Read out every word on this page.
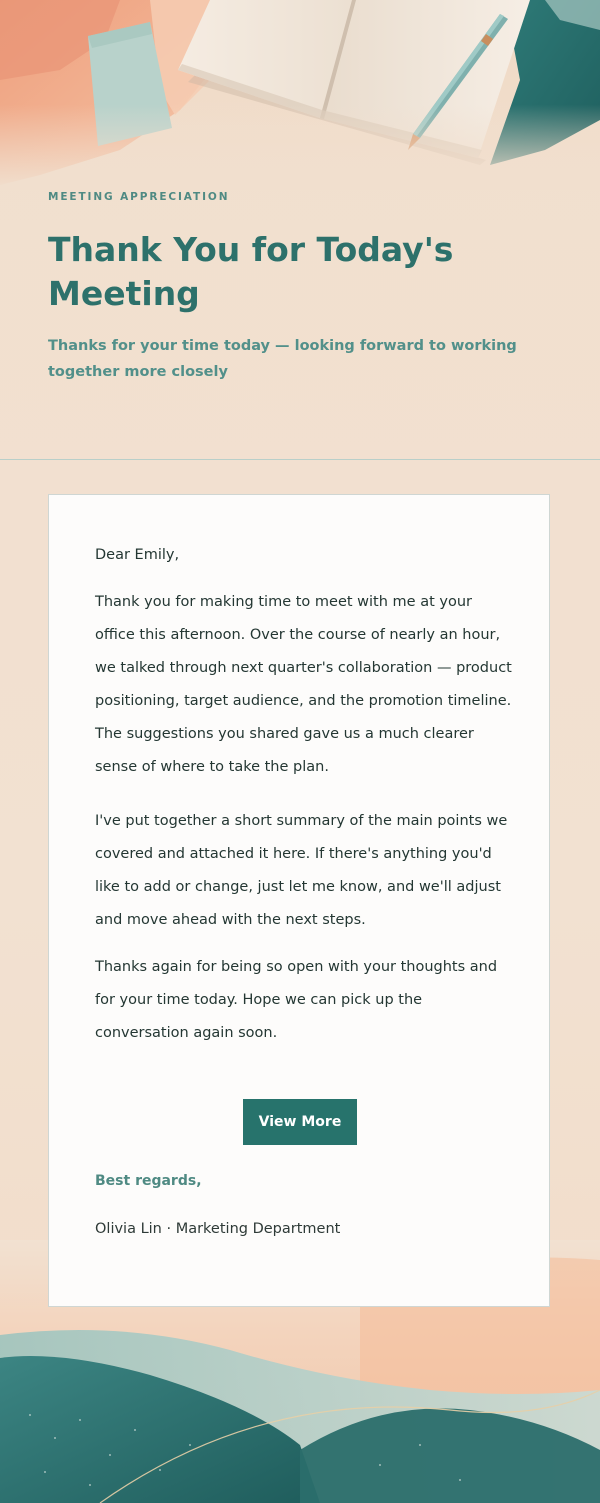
MEETING APPRECIATION

Thank You for Today's Meeting

Thanks for your time today — looking forward to working together more closely

Dear Emily,

Thank you for making time to meet with me at your office this afternoon. Over the course of nearly an hour, we talked through next quarter's collaboration — product positioning, target audience, and the promotion timeline. The suggestions you shared gave us a much clearer sense of where to take the plan.

I've put together a short summary of the main points we covered and attached it here. If there's anything you'd like to add or change, just let me know, and we'll adjust and move ahead with the next steps.

Thanks again for being so open with your thoughts and for your time today. Hope we can pick up the conversation again soon.

View More

Best regards,

Olivia Lin · Marketing Department
